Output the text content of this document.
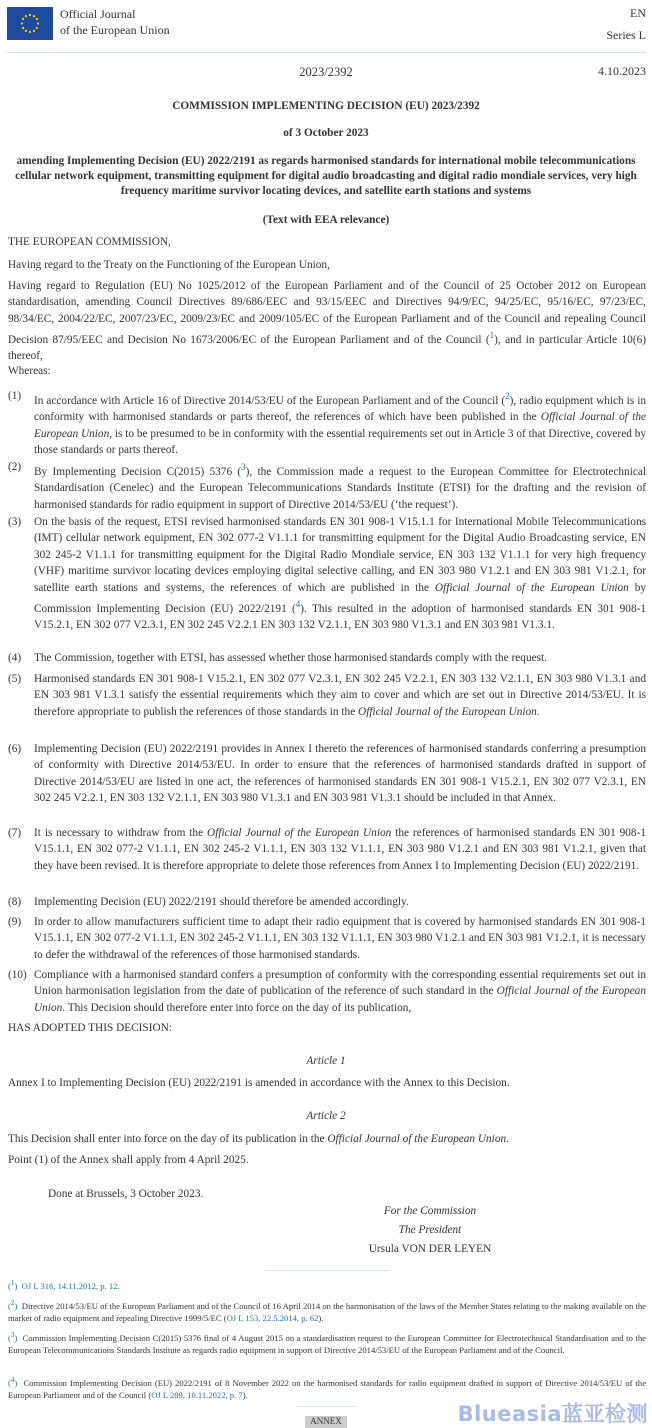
Official Journal
of the European Union
EN
Series L
2023/2392	4.10.2023
COMMISSION IMPLEMENTING DECISION (EU) 2023/2392
of 3 October 2023
amending Implementing Decision (EU) 2022/2191 as regards harmonised standards for international mobile telecommunications cellular network equipment, transmitting equipment for digital audio broadcasting and digital radio mondiale services, very high frequency maritime survivor locating devices, and satellite earth stations and systems
(Text with EEA relevance)
THE EUROPEAN COMMISSION,
Having regard to the Treaty on the Functioning of the European Union,
Having regard to Regulation (EU) No 1025/2012 of the European Parliament and of the Council of 25 October 2012 on European standardisation, amending Council Directives 89/686/EEC and 93/15/EEC and Directives 94/9/EC, 94/25/EC, 95/16/EC, 97/23/EC, 98/34/EC, 2004/22/EC, 2007/23/EC, 2009/23/EC and 2009/105/EC of the European Parliament and of the Council and repealing Council Decision 87/95/EEC and Decision No 1673/2006/EC of the European Parliament and of the Council ($^1$), and in particular Article 10(6) thereof,
Whereas:
(1) In accordance with Article 16 of Directive 2014/53/EU of the European Parliament and of the Council ($^2$), radio equipment which is in conformity with harmonised standards or parts thereof, the references of which have been published in the Official Journal of the European Union, is to be presumed to be in conformity with the essential requirements set out in Article 3 of that Directive, covered by those standards or parts thereof.
(2) By Implementing Decision C(2015) 5376 ($^3$), the Commission made a request to the European Committee for Electrotechnical Standardisation (Cenelec) and the European Telecommunications Standards Institute (ETSI) for the drafting and the revision of harmonised standards for radio equipment in support of Directive 2014/53/EU (‘the request’).
(3) On the basis of the request, ETSI revised harmonised standards EN 301 908-1 V15.1.1 for International Mobile Telecommunications (IMT) cellular network equipment, EN 302 077-2 V1.1.1 for transmitting equipment for the Digital Audio Broadcasting service, EN 302 245-2 V1.1.1 for transmitting equipment for the Digital Radio Mondiale service, EN 303 132 V1.1.1 for very high frequency (VHF) maritime survivor locating devices employing digital selective calling, and EN 303 980 V1.2.1 and EN 303 981 V1.2.1, for satellite earth stations and systems, the references of which are published in the Official Journal of the European Union by Commission Implementing Decision (EU) 2022/2191 ($^4$). This resulted in the adoption of harmonised standards EN 301 908-1 V15.2.1, EN 302 077 V2.3.1, EN 302 245 V2.2.1 EN 303 132 V2.1.1, EN 303 980 V1.3.1 and EN 303 981 V1.3.1.
(4) The Commission, together with ETSI, has assessed whether those harmonised standards comply with the request.
(5) Harmonised standards EN 301 908-1 V15.2.1, EN 302 077 V2.3.1, EN 302 245 V2.2.1, EN 303 132 V2.1.1, EN 303 980 V1.3.1 and EN 303 981 V1.3.1 satisfy the essential requirements which they aim to cover and which are set out in Directive 2014/53/EU. It is therefore appropriate to publish the references of those standards in the Official Journal of the European Union.
(6) Implementing Decision (EU) 2022/2191 provides in Annex I thereto the references of harmonised standards conferring a presumption of conformity with Directive 2014/53/EU. In order to ensure that the references of harmonised standards drafted in support of Directive 2014/53/EU are listed in one act, the references of harmonised standards EN 301 908-1 V15.2.1, EN 302 077 V2.3.1, EN 302 245 V2.2.1, EN 303 132 V2.1.1, EN 303 980 V1.3.1 and EN 303 981 V1.3.1 should be included in that Annex.
(7) It is necessary to withdraw from the Official Journal of the European Union the references of harmonised standards EN 301 908-1 V15.1.1, EN 302 077-2 V1.1.1, EN 302 245-2 V1.1.1, EN 303 132 V1.1.1, EN 303 980 V1.2.1 and EN 303 981 V1.2.1, given that they have been revised. It is therefore appropriate to delete those references from Annex I to Implementing Decision (EU) 2022/2191.
(8) Implementing Decision (EU) 2022/2191 should therefore be amended accordingly.
(9) In order to allow manufacturers sufficient time to adapt their radio equipment that is covered by harmonised standards EN 301 908-1 V15.1.1, EN 302 077-2 V1.1.1, EN 302 245-2 V1.1.1, EN 303 132 V1.1.1, EN 303 980 V1.2.1 and EN 303 981 V1.2.1, it is necessary to defer the withdrawal of the references of those harmonised standards.
(10) Compliance with a harmonised standard confers a presumption of conformity with the corresponding essential requirements set out in Union harmonisation legislation from the date of publication of the reference of such standard in the Official Journal of the European Union. This Decision should therefore enter into force on the day of its publication,
HAS ADOPTED THIS DECISION:
Article 1
Annex I to Implementing Decision (EU) 2022/2191 is amended in accordance with the Annex to this Decision.
Article 2
This Decision shall enter into force on the day of its publication in the Official Journal of the European Union.
Point (1) of the Annex shall apply from 4 April 2025.
Done at Brussels, 3 October 2023.
For the Commission
The President
Ursula VON DER LEYEN
($^1$) OJ L 316, 14.11.2012, p. 12.
($^2$) Directive 2014/53/EU of the European Parliament and of the Council of 16 April 2014 on the harmonisation of the laws of the Member States relating to the making available on the market of radio equipment and repealing Directive 1999/5/EC (OJ L 153, 22.5.2014, p. 62).
($^3$) Commission Implementing Decision C(2015) 5376 final of 4 August 2015 on a standardisation request to the European Committee for Electrotechnical Standardisation and to the European Telecommunications Standards Institute as regards radio equipment in support of Directive 2014/53/EU of the European Parliament and of the Council.
($^4$) Commission Implementing Decision (EU) 2022/2191 of 8 November 2022 on the harmonised standards for radio equipment drafted in support of Directive 2014/53/EU of the European Parliament and of the Council (OJ L 289, 10.11.2022, p. 7).
ANNEX	Blueasia蓝亚检测
